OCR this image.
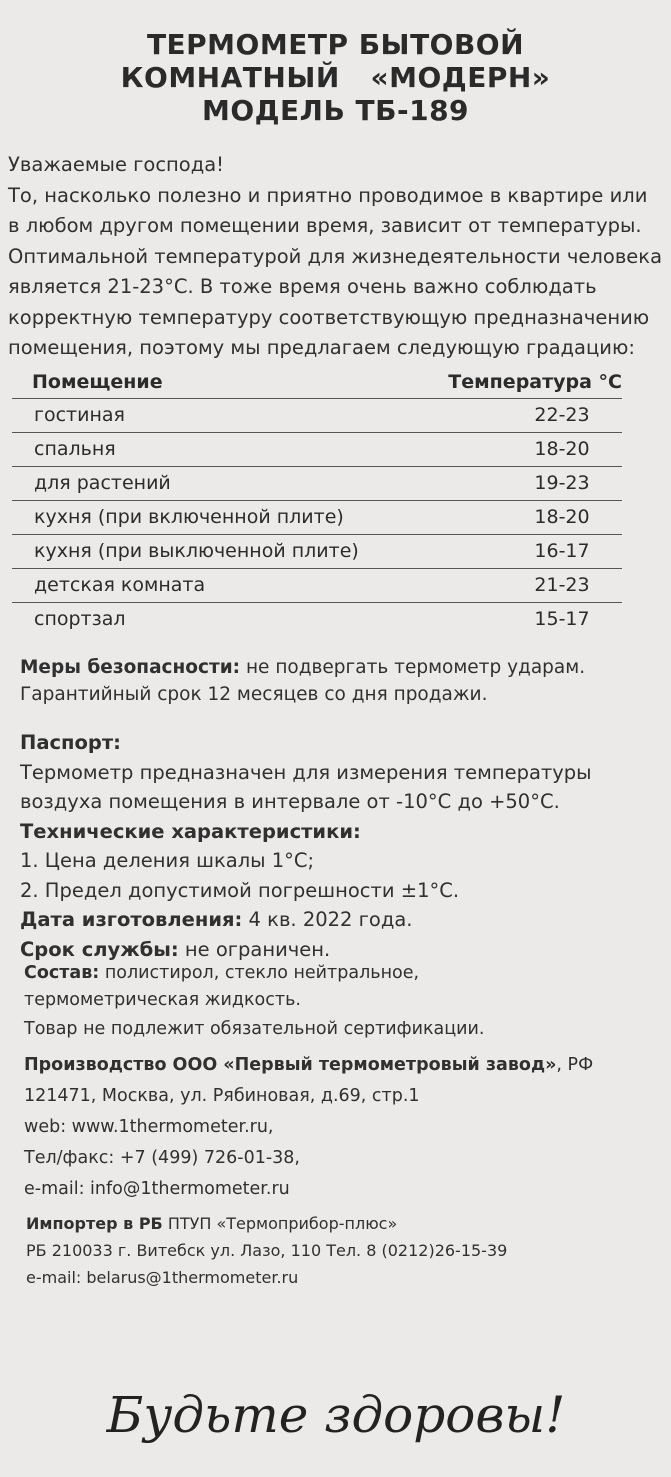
ТЕРМОМЕТР БЫТОВОЙ
КОМНАТНЫЙ   «МОДЕРН»
МОДЕЛЬ ТБ-189
Уважаемые господа!
То, насколько полезно и приятно проводимое в квартире или
в любом другом помещении время, зависит от температуры.
Оптимальной температурой для жизнедеятельности человека
является 21-23°С. В тоже время очень важно соблюдать
корректную температуру соответствующую предназначению
помещения, поэтому мы предлагаем следующую градацию:
Помещение	Температура °С
гостиная	22-23
спальня	18-20
для растений	19-23
кухня (при включенной плите)	18-20
кухня (при выключенной плите)	16-17
детская комната	21-23
спортзал	15-17
Меры безопасности: не подвергать термометр ударам.
Гарантийный срок 12 месяцев со дня продажи.
Паспорт:
Термометр предназначен для измерения температуры
воздуха помещения в интервале от -10°С до +50°С.
Технические характеристики:
1. Цена деления шкалы 1°С;
2. Предел допустимой погрешности ±1°С.
Дата изготовления: 4 кв. 2022 года.
Срок службы: не ограничен.
Состав: полистирол, стекло нейтральное,
термометрическая жидкость.
Товар не подлежит обязательной сертификации.
Производство ООО «Первый термометровый завод», РФ
121471, Москва, ул. Рябиновая, д.69, стр.1
web: www.1thermometer.ru,
Тел/факс: +7 (499) 726-01-38,
e-mail: info@1thermometer.ru
Импортер в РБ ПТУП «Термоприбор-плюс»
РБ 210033 г. Витебск ул. Лазо, 110 Тел. 8 (0212)26-15-39
e-mail: belarus@1thermometer.ru
Будьте здоровы!
